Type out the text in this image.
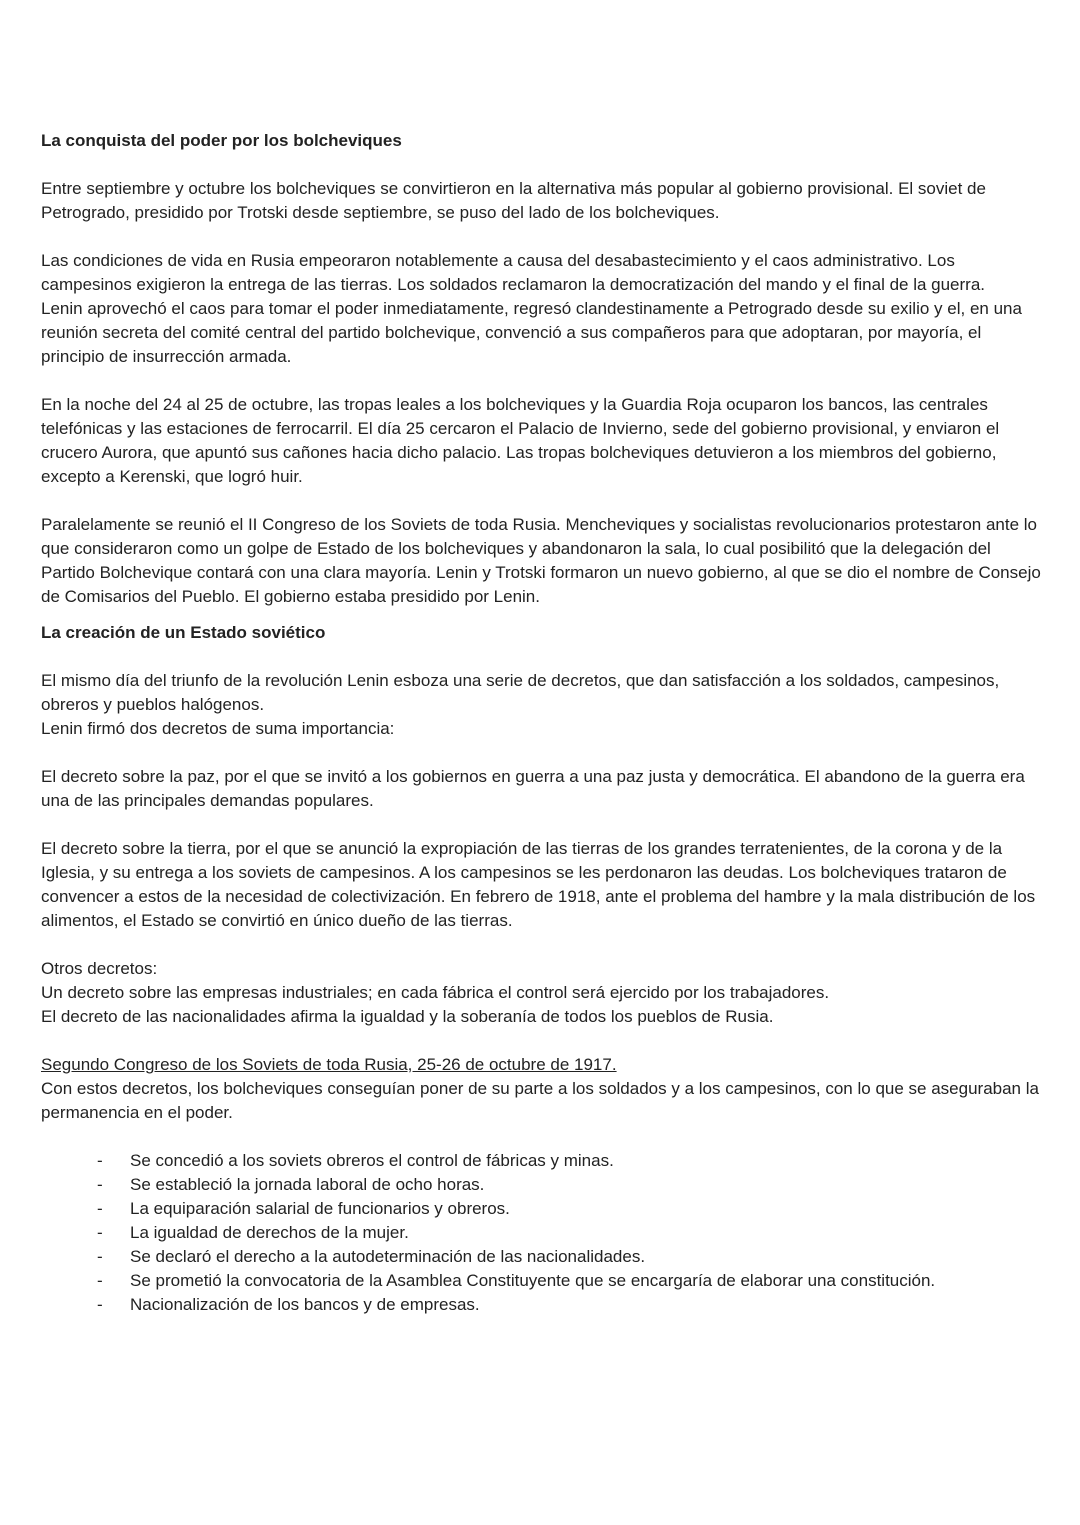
La conquista del poder por los bolcheviques

Entre septiembre y octubre los bolcheviques se convirtieron en la alternativa más popular al gobierno provisional. El soviet de Petrogrado, presidido por Trotski desde septiembre, se puso del lado de los bolcheviques.

Las condiciones de vida en Rusia empeoraron notablemente a causa del desabastecimiento y el caos administrativo. Los campesinos exigieron la entrega de las tierras. Los soldados reclamaron la democratización del mando y el final de la guerra.

Lenin aprovechó el caos para tomar el poder inmediatamente, regresó clandestinamente a Petrogrado desde su exilio y el, en una reunión secreta del comité central del partido bolchevique, convenció a sus compañeros para que adoptaran, por mayoría, el principio de insurrección armada.

En la noche del 24 al 25 de octubre, las tropas leales a los bolcheviques y la Guardia Roja ocuparon los bancos, las centrales telefónicas y las estaciones de ferrocarril. El día 25 cercaron el Palacio de Invierno, sede del gobierno provisional, y enviaron el crucero Aurora, que apuntó sus cañones hacia dicho palacio. Las tropas bolcheviques detuvieron a los miembros del gobierno, excepto a Kerenski, que logró huir.

Paralelamente se reunió el II Congreso de los Soviets de toda Rusia. Mencheviques y socialistas revolucionarios protestaron ante lo que consideraron como un golpe de Estado de los bolcheviques y abandonaron la sala, lo cual posibilitó que la delegación del Partido Bolchevique contará con una clara mayoría. Lenin y Trotski formaron un nuevo gobierno, al que se dio el nombre de Consejo de Comisarios del Pueblo. El gobierno estaba presidido por Lenin.

La creación de un Estado soviético

El mismo día del triunfo de la revolución Lenin esboza una serie de decretos, que dan satisfacción a los soldados, campesinos, obreros y pueblos halógenos.

Lenin firmó dos decretos de suma importancia:

El decreto sobre la paz, por el que se invitó a los gobiernos en guerra a una paz justa y democrática. El abandono de la guerra era una de las principales demandas populares.

El decreto sobre la tierra, por el que se anunció la expropiación de las tierras de los grandes terratenientes, de la corona y de la Iglesia, y su entrega a los soviets de campesinos. A los campesinos se les perdonaron las deudas. Los bolcheviques trataron de convencer a estos de la necesidad de colectivización. En febrero de 1918, ante el problema del hambre y la mala distribución de los alimentos, el Estado se convirtió en único dueño de las tierras.

Otros decretos:

Un decreto sobre las empresas industriales; en cada fábrica el control será ejercido por los trabajadores.

El decreto de las nacionalidades afirma la igualdad y la soberanía de todos los pueblos de Rusia.

Segundo Congreso de los Soviets de toda Rusia, 25-26 de octubre de 1917.

Con estos decretos, los bolcheviques conseguían poner de su parte a los soldados y a los campesinos, con lo que se aseguraban la permanencia en el poder.

- Se concedió a los soviets obreros el control de fábricas y minas.
- Se estableció la jornada laboral de ocho horas.
- La equiparación salarial de funcionarios y obreros.
- La igualdad de derechos de la mujer.
- Se declaró el derecho a la autodeterminación de las nacionalidades.
- Se prometió la convocatoria de la Asamblea Constituyente que se encargaría de elaborar una constitución.
- Nacionalización de los bancos y de empresas.
